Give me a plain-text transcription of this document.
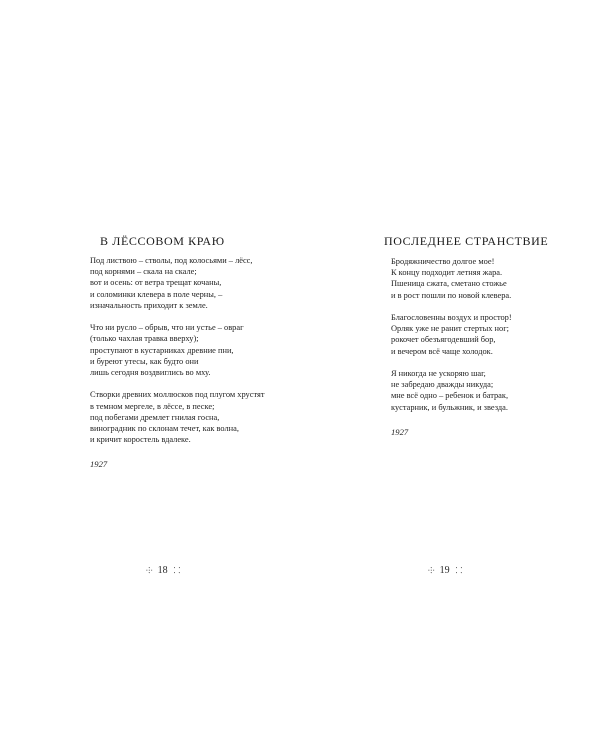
В ЛЁССОВОМ КРАЮ
Под листвою – стволы, под колосьями – лёсс,
под корнями – скала на скале;
вот и осень: от ветра трещат кочаны,
и соломинки клевера в поле черны, –
изначальность приходит к земле.
Что ни русло – обрыв, что ни устье – овраг
(только чахлая травка вверху);
проступают в кустарниках древние пни,
и буреют утесы, как будто они
лишь сегодня воздвиглись во мху.
Створки древних моллюсков под плугом хрустят
в темном мергеле, в лёссе, в песке;
под побегами дремлет гнилая госна,
виноградник по склонам течет, как волна,
и кричит коростель вдалеке.
1927
⸭ 18 ⸬
ПОСЛЕДНЕЕ СТРАНСТВИЕ
Бродяжничество долгое мое!
К концу подходит летняя жара.
Пшеница сжата, сметано стожье
и в рост пошли по новой клевера.
Благословенны воздух и простор!
Орляк уже не ранит стертых ног;
рокочет обезъягодевший бор,
и вечером всё чаще холодок.
Я никогда не ускоряю шаг,
не забредаю дважды никуда;
мне всё одно – ребенок и батрак,
кустарник, и бульжник, и звезда.
1927
⸭ 19 ⸬
